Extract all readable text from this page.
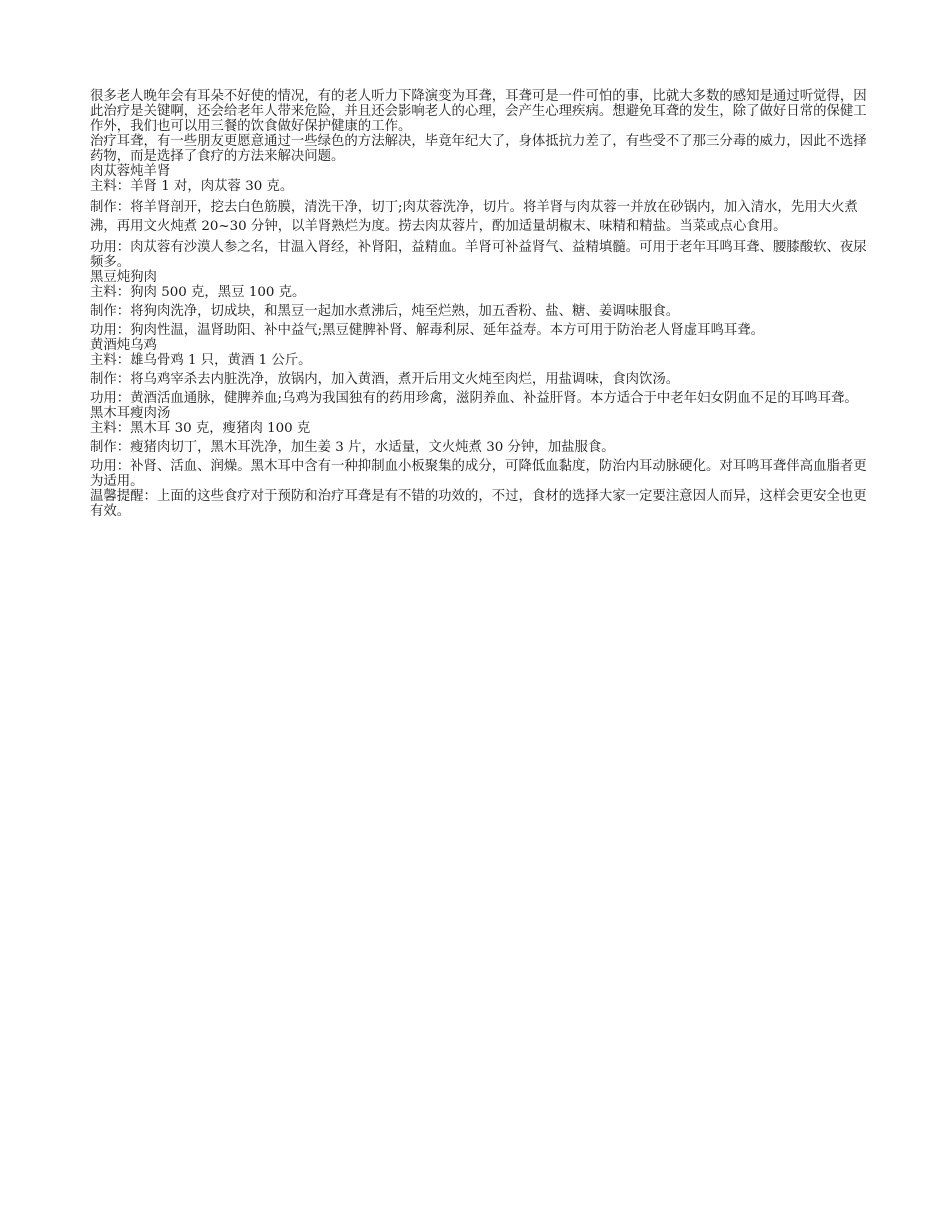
很多老人晚年会有耳朵不好使的情况，有的老人听力下降演变为耳聋，耳聋可是一件可怕的事，比就大多数的感知是通过听觉得，因此治疗是关键啊，还会给老年人带来危险，并且还会影响老人的心理，会产生心理疾病。想避免耳聋的发生，除了做好日常的保健工作外，我们也可以用三餐的饮食做好保护健康的工作。

治疗耳聋，有一些朋友更愿意通过一些绿色的方法解决，毕竟年纪大了，身体抵抗力差了，有些受不了那三分毒的威力，因此不选择药物，而是选择了食疗的方法来解决问题。

肉苁蓉炖羊肾

主料：羊肾 1 对，肉苁蓉 30 克。

制作：将羊肾剖开，挖去白色筋膜，清洗干净，切丁;肉苁蓉洗净，切片。将羊肾与肉苁蓉一并放在砂锅内，加入清水，先用大火煮沸，再用文火炖煮 20~30 分钟，以羊肾熟烂为度。捞去肉苁蓉片，酌加适量胡椒末、味精和精盐。当菜或点心食用。

功用：肉苁蓉有沙漠人参之名，甘温入肾经，补肾阳，益精血。羊肾可补益肾气、益精填髓。可用于老年耳鸣耳聋、腰膝酸软、夜尿频多。

黑豆炖狗肉

主料：狗肉 500 克，黑豆 100 克。

制作：将狗肉洗净，切成块，和黑豆一起加水煮沸后，炖至烂熟，加五香粉、盐、糖、姜调味服食。

功用：狗肉性温，温肾助阳、补中益气;黑豆健脾补肾、解毒利尿、延年益寿。本方可用于防治老人肾虚耳鸣耳聋。

黄酒炖乌鸡

主料：雄乌骨鸡 1 只，黄酒 1 公斤。

制作：将乌鸡宰杀去内脏洗净，放锅内，加入黄酒，煮开后用文火炖至肉烂，用盐调味，食肉饮汤。

功用：黄酒活血通脉，健脾养血;乌鸡为我国独有的药用珍禽，滋阴养血、补益肝肾。本方适合于中老年妇女阴血不足的耳鸣耳聋。

黑木耳瘦肉汤

主料：黑木耳 30 克，瘦猪肉 100 克

制作：瘦猪肉切丁，黑木耳洗净，加生姜 3 片，水适量，文火炖煮 30 分钟，加盐服食。

功用：补肾、活血、润燥。黑木耳中含有一种抑制血小板聚集的成分，可降低血黏度，防治内耳动脉硬化。对耳鸣耳聋伴高血脂者更为适用。

温馨提醒：上面的这些食疗对于预防和治疗耳聋是有不错的功效的，不过，食材的选择大家一定要注意因人而异，这样会更安全也更有效。
